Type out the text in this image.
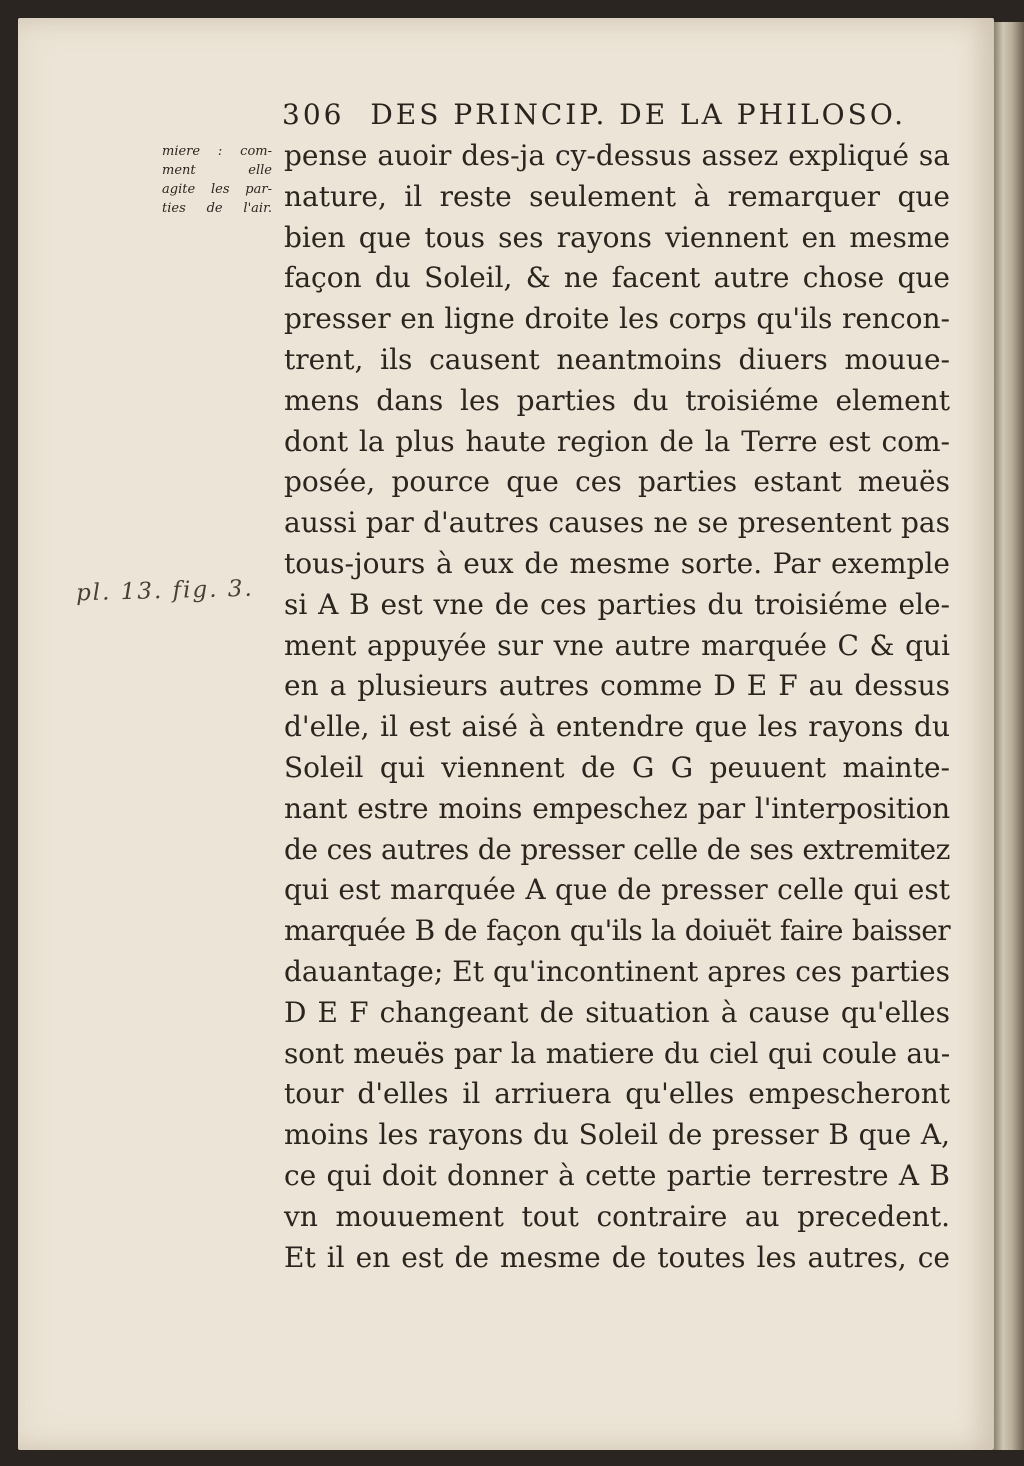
306 DES PRINCIP. DE LA PHILOSO.
miere : com-
ment elle
agite les par-
ties de l'air.
pl. 13. fig. 3.
pense auoir des-ja cy-dessus assez expliqué sa
nature, il reste seulement à remarquer que
bien que tous ses rayons viennent en mesme
façon du Soleil, & ne facent autre chose que
presser en ligne droite les corps qu'ils rencon-
trent, ils causent neantmoins diuers mouue-
mens dans les parties du troisiéme element
dont la plus haute region de la Terre est com-
posée, pource que ces parties estant meuës
aussi par d'autres causes ne se presentent pas
tous-jours à eux de mesme sorte. Par exemple
si A B est vne de ces parties du troisiéme ele-
ment appuyée sur vne autre marquée C & qui
en a plusieurs autres comme D E F au dessus
d'elle, il est aisé à entendre que les rayons du
Soleil qui viennent de G G peuuent mainte-
nant estre moins empeschez par l'interposition
de ces autres de presser celle de ses extremitez
qui est marquée A que de presser celle qui est
marquée B de façon qu'ils la doiuët faire baisser
dauantage; Et qu'incontinent apres ces parties
D E F changeant de situation à cause qu'elles
sont meuës par la matiere du ciel qui coule au-
tour d'elles il arriuera qu'elles empescheront
moins les rayons du Soleil de presser B que A,
ce qui doit donner à cette partie terrestre A B
vn mouuement tout contraire au precedent.
Et il en est de mesme de toutes les autres, ce
